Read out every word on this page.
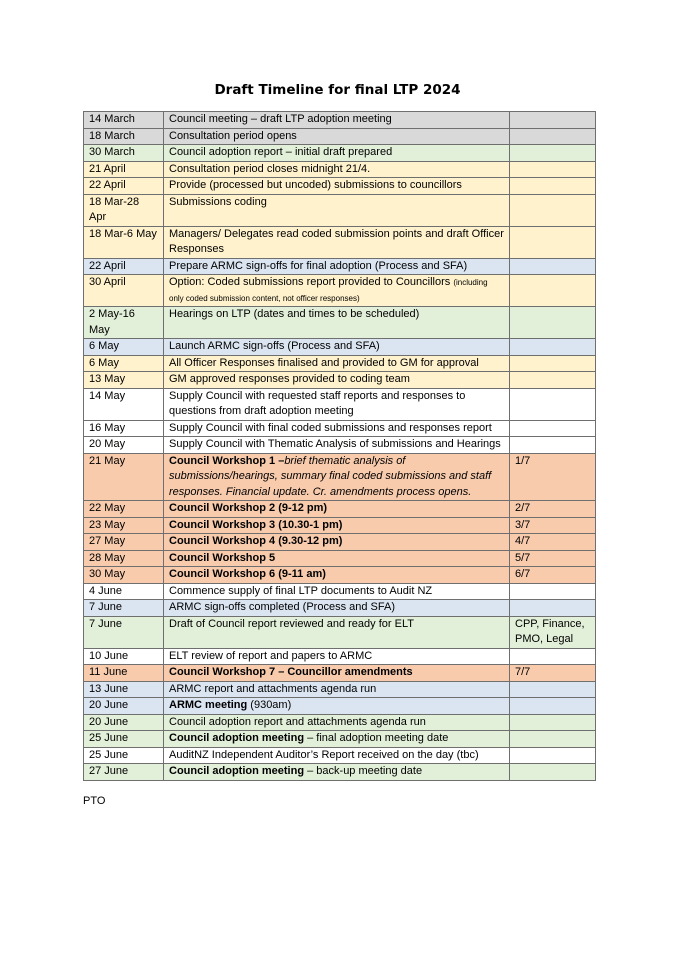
Draft Timeline for final LTP 2024
14 March	Council meeting – draft LTP adoption meeting	
18 March	Consultation period opens	
30 March	Council adoption report – initial draft prepared	
21 April	Consultation period closes midnight 21/4.	
22 April	Provide (processed but uncoded) submissions to councillors	
18 Mar-28 Apr	Submissions coding	
18 Mar-6 May	Managers/ Delegates read coded submission points and draft Officer Responses	
22 April	Prepare ARMC sign-offs for final adoption (Process and SFA)	
30 April	Option: Coded submissions report provided to Councillors (including only coded submission content, not officer responses)	
2 May-16 May	Hearings on LTP (dates and times to be scheduled)	
6 May	Launch ARMC sign-offs (Process and SFA)	
6 May	All Officer Responses finalised and provided to GM for approval	
13 May	GM approved responses provided to coding team	
14 May	Supply Council with requested staff reports and responses to questions from draft adoption meeting	
16 May	Supply Council with final coded submissions and responses report	
20 May	Supply Council with Thematic Analysis of submissions and Hearings	
21 May	Council Workshop 1 –brief thematic analysis of submissions/hearings, summary final coded submissions and staff responses. Financial update. Cr. amendments process opens.	1/7
22 May	Council Workshop 2 (9-12 pm)	2/7
23 May	Council Workshop 3 (10.30-1 pm)	3/7
27 May	Council Workshop 4 (9.30-12 pm)	4/7
28 May	Council Workshop 5	5/7
30 May	Council Workshop 6 (9-11 am)	6/7
4 June	Commence supply of final LTP documents to Audit NZ	
7 June	ARMC sign-offs completed (Process and SFA)	
7 June	Draft of Council report reviewed and ready for ELT	CPP, Finance, PMO, Legal
10 June	ELT review of report and papers to ARMC	
11 June	Council Workshop 7 – Councillor amendments	7/7
13 June	ARMC report and attachments agenda run	
20 June	ARMC meeting (930am)	
20 June	Council adoption report and attachments agenda run	
25 June	Council adoption meeting – final adoption meeting date	
25 June	AuditNZ Independent Auditor’s Report received on the day (tbc)	
27 June	Council adoption meeting – back-up meeting date	
PTO
